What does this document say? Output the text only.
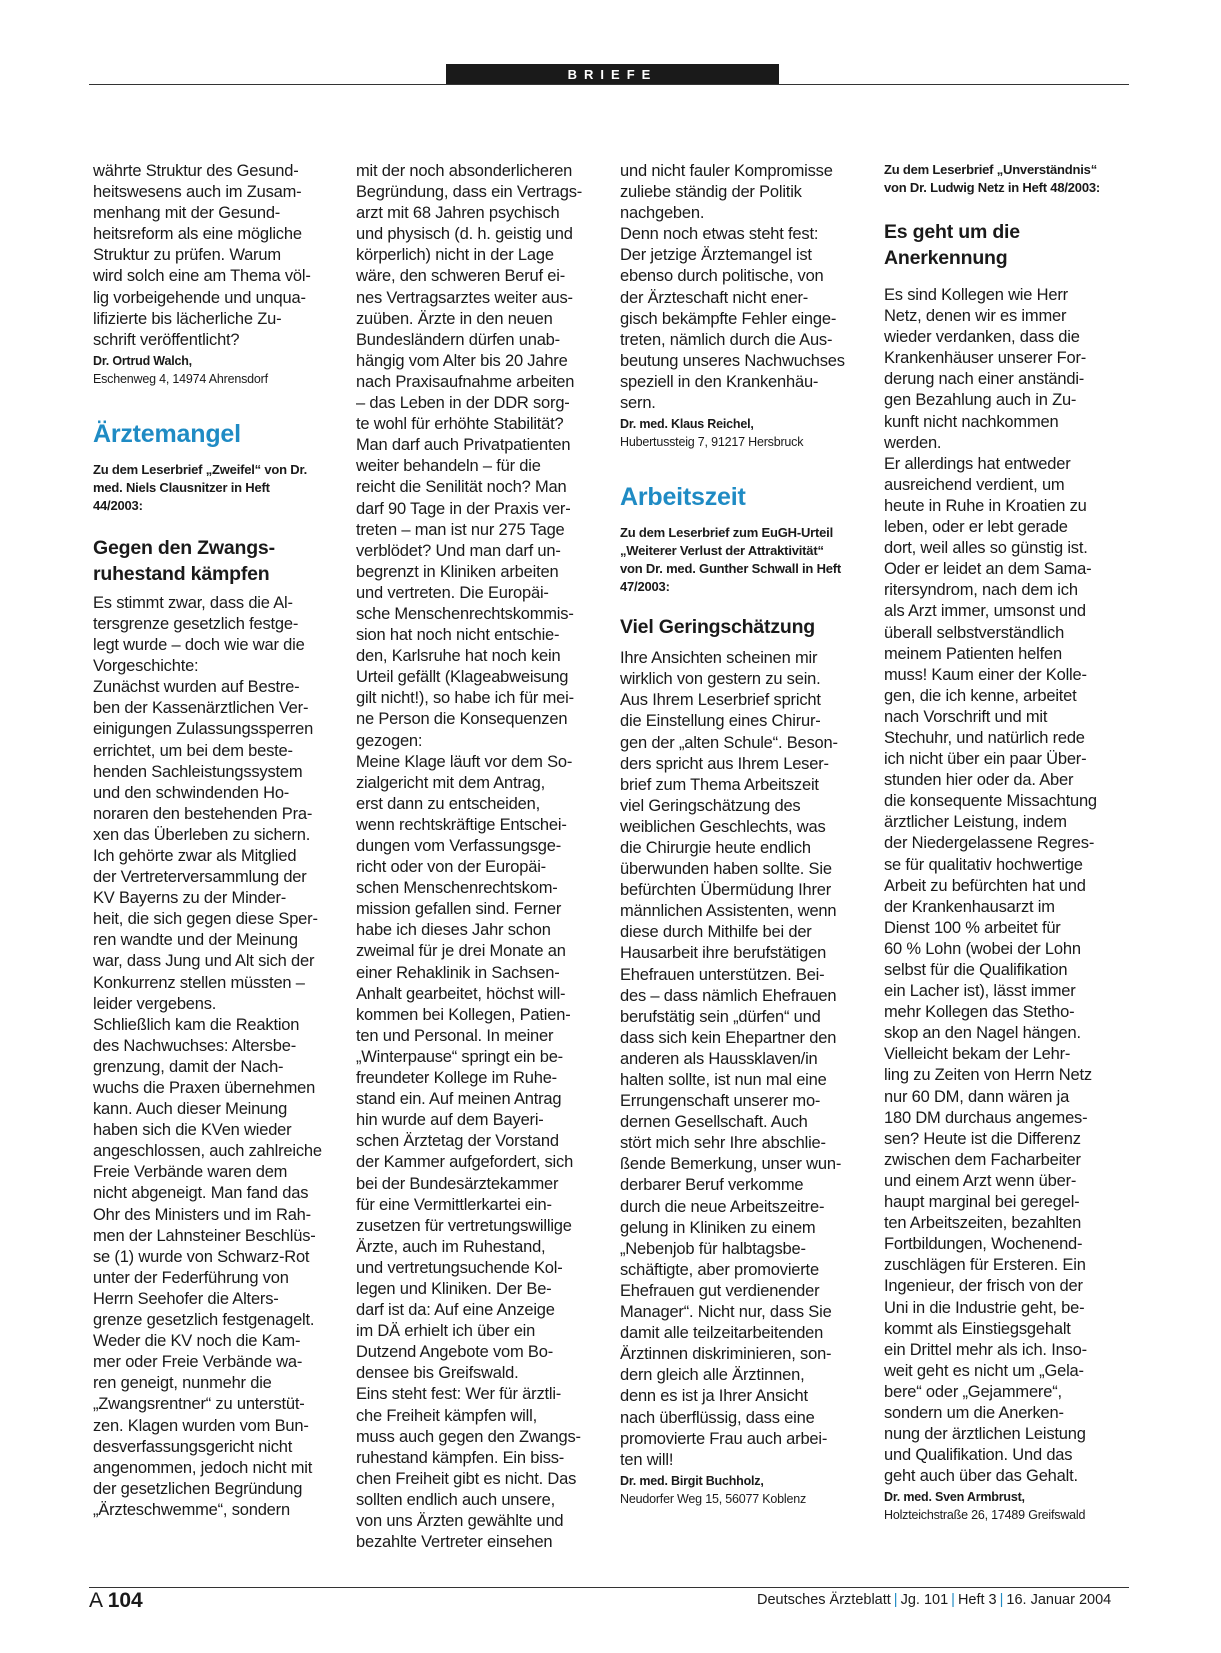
BRIEFE
währte Struktur des Gesund-
heitswesens auch im Zusam-
menhang mit der Gesund-
heitsreform als eine mögliche
Struktur zu prüfen. Warum
wird solch eine am Thema völ-
lig vorbeigehende und unqua-
lifizierte bis lächerliche Zu-
schrift veröffentlicht?
Dr. Ortrud Walch,
Eschenweg 4, 14974 Ahrensdorf
Ärztemangel
Zu dem Leserbrief „Zweifel“ von Dr.
med. Niels Clausnitzer in Heft
44/2003:
Gegen den Zwangs-
ruhestand kämpfen
Es stimmt zwar, dass die Al-
tersgrenze gesetzlich festge-
legt wurde – doch wie war die
Vorgeschichte:
Zunächst wurden auf Bestre-
ben der Kassenärztlichen Ver-
einigungen Zulassungssperren
errichtet, um bei dem beste-
henden Sachleistungssystem
und den schwindenden Ho-
noraren den bestehenden Pra-
xen das Überleben zu sichern.
Ich gehörte zwar als Mitglied
der Vertreterversammlung der
KV Bayerns zu der Minder-
heit, die sich gegen diese Sper-
ren wandte und der Meinung
war, dass Jung und Alt sich der
Konkurrenz stellen müssten –
leider vergebens.
Schließlich kam die Reaktion
des Nachwuchses: Altersbe-
grenzung, damit der Nach-
wuchs die Praxen übernehmen
kann. Auch dieser Meinung
haben sich die KVen wieder
angeschlossen, auch zahlreiche
Freie Verbände waren dem
nicht abgeneigt. Man fand das
Ohr des Ministers und im Rah-
men der Lahnsteiner Beschlüs-
se (1) wurde von Schwarz-Rot
unter der Federführung von
Herrn Seehofer die Alters-
grenze gesetzlich festgenagelt.
Weder die KV noch die Kam-
mer oder Freie Verbände wa-
ren geneigt, nunmehr die
„Zwangsrentner“ zu unterstüt-
zen. Klagen wurden vom Bun-
desverfassungsgericht nicht
angenommen, jedoch nicht mit
der gesetzlichen Begründung
„Ärzteschwemme“, sondern
mit der noch absonderlicheren
Begründung, dass ein Vertrags-
arzt mit 68 Jahren psychisch
und physisch (d. h. geistig und
körperlich) nicht in der Lage
wäre, den schweren Beruf ei-
nes Vertragsarztes weiter aus-
zuüben. Ärzte in den neuen
Bundesländern dürfen unab-
hängig vom Alter bis 20 Jahre
nach Praxisaufnahme arbeiten
– das Leben in der DDR sorg-
te wohl für erhöhte Stabilität?
Man darf auch Privatpatienten
weiter behandeln – für die
reicht die Senilität noch? Man
darf 90 Tage in der Praxis ver-
treten – man ist nur 275 Tage
verblödet? Und man darf un-
begrenzt in Kliniken arbeiten
und vertreten. Die Europäi-
sche Menschenrechtskommis-
sion hat noch nicht entschie-
den, Karlsruhe hat noch kein
Urteil gefällt (Klageabweisung
gilt nicht!), so habe ich für mei-
ne Person die Konsequenzen
gezogen:
Meine Klage läuft vor dem So-
zialgericht mit dem Antrag,
erst dann zu entscheiden,
wenn rechtskräftige Entschei-
dungen vom Verfassungsge-
richt oder von der Europäi-
schen Menschenrechtskom-
mission gefallen sind. Ferner
habe ich dieses Jahr schon
zweimal für je drei Monate an
einer Rehaklinik in Sachsen-
Anhalt gearbeitet, höchst will-
kommen bei Kollegen, Patien-
ten und Personal. In meiner
„Winterpause“ springt ein be-
freundeter Kollege im Ruhe-
stand ein. Auf meinen Antrag
hin wurde auf dem Bayeri-
schen Ärztetag der Vorstand
der Kammer aufgefordert, sich
bei der Bundesärztekammer
für eine Vermittlerkartei ein-
zusetzen für vertretungswillige
Ärzte, auch im Ruhestand,
und vertretungsuchende Kol-
legen und Kliniken. Der Be-
darf ist da: Auf eine Anzeige
im DÄ erhielt ich über ein
Dutzend Angebote vom Bo-
densee bis Greifswald.
Eins steht fest: Wer für ärztli-
che Freiheit kämpfen will,
muss auch gegen den Zwangs-
ruhestand kämpfen. Ein biss-
chen Freiheit gibt es nicht. Das
sollten endlich auch unsere,
von uns Ärzten gewählte und
bezahlte Vertreter einsehen
und nicht fauler Kompromisse
zuliebe ständig der Politik
nachgeben.
Denn noch etwas steht fest:
Der jetzige Ärztemangel ist
ebenso durch politische, von
der Ärzteschaft nicht ener-
gisch bekämpfte Fehler einge-
treten, nämlich durch die Aus-
beutung unseres Nachwuchses
speziell in den Krankenhäu-
sern.
Dr. med. Klaus Reichel,
Hubertussteig 7, 91217 Hersbruck
Arbeitszeit
Zu dem Leserbrief zum EuGH-Urteil
„Weiterer Verlust der Attraktivität“
von Dr. med. Gunther Schwall in Heft
47/2003:
Viel Geringschätzung
Ihre Ansichten scheinen mir
wirklich von gestern zu sein.
Aus Ihrem Leserbrief spricht
die Einstellung eines Chirur-
gen der „alten Schule“. Beson-
ders spricht aus Ihrem Leser-
brief zum Thema Arbeitszeit
viel Geringschätzung des
weiblichen Geschlechts, was
die Chirurgie heute endlich
überwunden haben sollte. Sie
befürchten Übermüdung Ihrer
männlichen Assistenten, wenn
diese durch Mithilfe bei der
Hausarbeit ihre berufstätigen
Ehefrauen unterstützen. Bei-
des – dass nämlich Ehefrauen
berufstätig sein „dürfen“ und
dass sich kein Ehepartner den
anderen als Haussklaven/in
halten sollte, ist nun mal eine
Errungenschaft unserer mo-
dernen Gesellschaft. Auch
stört mich sehr Ihre abschlie-
ßende Bemerkung, unser wun-
derbarer Beruf verkomme
durch die neue Arbeitszeitre-
gelung in Kliniken zu einem
„Nebenjob für halbtagsbe-
schäftigte, aber promovierte
Ehefrauen gut verdienender
Manager“. Nicht nur, dass Sie
damit alle teilzeitarbeitenden
Ärztinnen diskriminieren, son-
dern gleich alle Ärztinnen,
denn es ist ja Ihrer Ansicht
nach überflüssig, dass eine
promovierte Frau auch arbei-
ten will!
Dr. med. Birgit Buchholz,
Neudorfer Weg 15, 56077 Koblenz
Zu dem Leserbrief „Unverständnis“
von Dr. Ludwig Netz in Heft 48/2003:
Es geht um die
Anerkennung
Es sind Kollegen wie Herr
Netz, denen wir es immer
wieder verdanken, dass die
Krankenhäuser unserer For-
derung nach einer anständi-
gen Bezahlung auch in Zu-
kunft nicht nachkommen
werden.
Er allerdings hat entweder
ausreichend verdient, um
heute in Ruhe in Kroatien zu
leben, oder er lebt gerade
dort, weil alles so günstig ist.
Oder er leidet an dem Sama-
ritersyndrom, nach dem ich
als Arzt immer, umsonst und
überall selbstverständlich
meinem Patienten helfen
muss! Kaum einer der Kolle-
gen, die ich kenne, arbeitet
nach Vorschrift und mit
Stechuhr, und natürlich rede
ich nicht über ein paar Über-
stunden hier oder da. Aber
die konsequente Missachtung
ärztlicher Leistung, indem
der Niedergelassene Regres-
se für qualitativ hochwertige
Arbeit zu befürchten hat und
der Krankenhausarzt im
Dienst 100 % arbeitet für
60 % Lohn (wobei der Lohn
selbst für die Qualifikation
ein Lacher ist), lässt immer
mehr Kollegen das Stetho-
skop an den Nagel hängen.
Vielleicht bekam der Lehr-
ling zu Zeiten von Herrn Netz
nur 60 DM, dann wären ja
180 DM durchaus angemes-
sen? Heute ist die Differenz
zwischen dem Facharbeiter
und einem Arzt wenn über-
haupt marginal bei geregel-
ten Arbeitszeiten, bezahlten
Fortbildungen, Wochenend-
zuschlägen für Ersteren. Ein
Ingenieur, der frisch von der
Uni in die Industrie geht, be-
kommt als Einstiegsgehalt
ein Drittel mehr als ich. Inso-
weit geht es nicht um „Gela-
bere“ oder „Gejammere“,
sondern um die Anerken-
nung der ärztlichen Leistung
und Qualifikation. Und das
geht auch über das Gehalt.
Dr. med. Sven Armbrust,
Holzteichstraße 26, 17489 Greifswald
A 104	Deutsches Ärzteblatt | Jg. 101 | Heft 3 | 16. Januar 2004
